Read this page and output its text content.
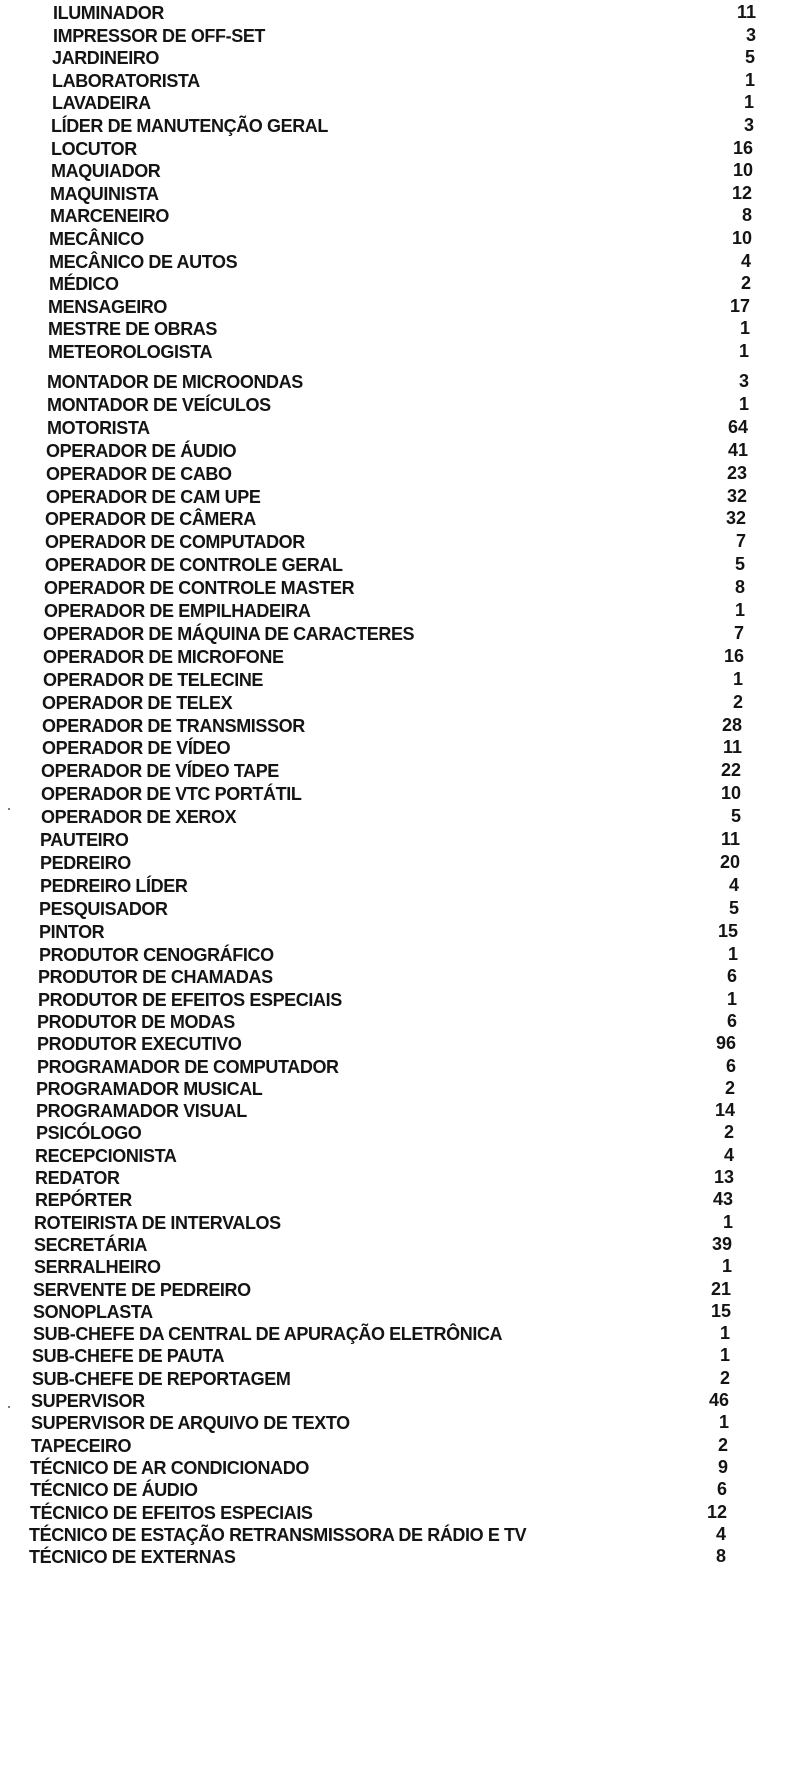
ILUMINADOR	11
IMPRESSOR DE OFF-SET	3
JARDINEIRO	5
LABORATORISTA	1
LAVADEIRA	1
LÍDER DE MANUTENÇÃO GERAL	3
LOCUTOR	16
MAQUIADOR	10
MAQUINISTA	12
MARCENEIRO	8
MECÂNICO	10
MECÂNICO DE AUTOS	4
MÉDICO	2
MENSAGEIRO	17
MESTRE DE OBRAS	1
METEOROLOGISTA	1
MONTADOR DE MICROONDAS	3
MONTADOR DE VEÍCULOS	1
MOTORISTA	64
OPERADOR DE ÁUDIO	41
OPERADOR DE CABO	23
OPERADOR DE CAM UPE	32
OPERADOR DE CÂMERA	32
OPERADOR DE COMPUTADOR	7
OPERADOR DE CONTROLE GERAL	5
OPERADOR DE CONTROLE MASTER	8
OPERADOR DE EMPILHADEIRA	1
OPERADOR DE MÁQUINA DE CARACTERES	7
OPERADOR DE MICROFONE	16
OPERADOR DE TELECINE	1
OPERADOR DE TELEX	2
OPERADOR DE TRANSMISSOR	28
OPERADOR DE VÍDEO	11
OPERADOR DE VÍDEO TAPE	22
OPERADOR DE VTC PORTÁTIL	10
OPERADOR DE XEROX	5
PAUTEIRO	11
PEDREIRO	20
PEDREIRO LÍDER	4
PESQUISADOR	5
PINTOR	15
PRODUTOR CENOGRÁFICO	1
PRODUTOR DE CHAMADAS	6
PRODUTOR DE EFEITOS ESPECIAIS	1
PRODUTOR DE MODAS	6
PRODUTOR EXECUTIVO	96
PROGRAMADOR DE COMPUTADOR	6
PROGRAMADOR MUSICAL	2
PROGRAMADOR VISUAL	14
PSICÓLOGO	2
RECEPCIONISTA	4
REDATOR	13
REPÓRTER	43
ROTEIRISTA DE INTERVALOS	1
SECRETÁRIA	39
SERRALHEIRO	1
SERVENTE DE PEDREIRO	21
SONOPLASTA	15
SUB-CHEFE DA CENTRAL DE APURAÇÃO ELETRÔNICA	1
SUB-CHEFE DE PAUTA	1
SUB-CHEFE DE REPORTAGEM	2
SUPERVISOR	46
SUPERVISOR DE ARQUIVO DE TEXTO	1
TAPECEIRO	2
TÉCNICO DE AR CONDICIONADO	9
TÉCNICO DE ÁUDIO	6
TÉCNICO DE EFEITOS ESPECIAIS	12
TÉCNICO DE ESTAÇÃO RETRANSMISSORA DE RÁDIO E TV	4
TÉCNICO DE EXTERNAS	8
